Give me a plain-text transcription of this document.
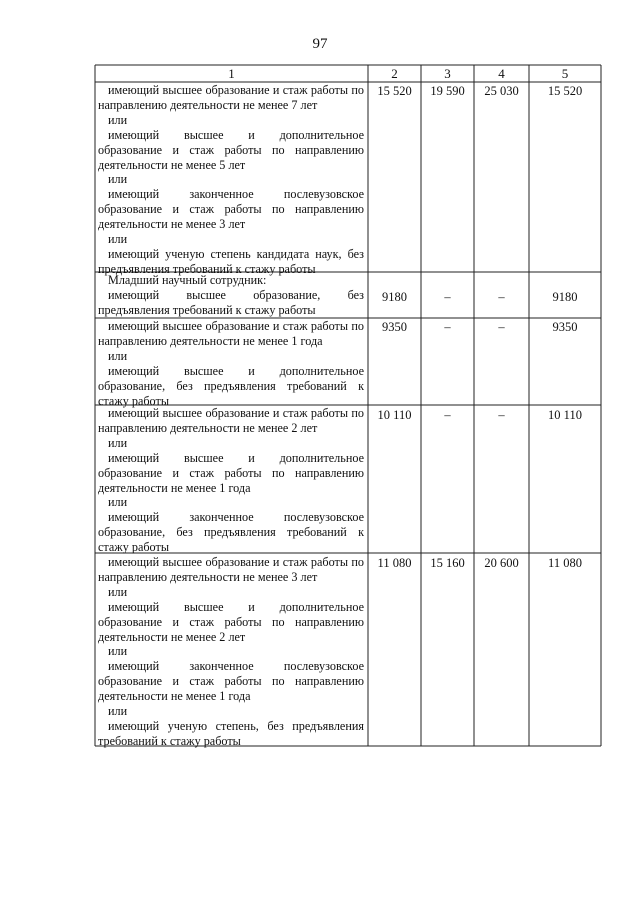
97
1	2	3	4	5

имеющий высшее образование и стаж работы по направлению деятельности не менее 7 лет

или

имеющий высшее и дополнительное образование и стаж работы по направлению деятельности не менее 5 лет

или

имеющий законченное послевузовское образование и стаж работы по направлению деятельности не менее 3 лет

или

имеющий ученую степень кандидата наук, без предъявления требований к стажу работы

15 520	19 590	25 030	15 520

Младший научный сотрудник:

имеющий высшее образование, без предъявления требований к стажу работы

9180	–	–	9180

имеющий высшее образование и стаж работы по направлению деятельности не менее 1 года

или

имеющий высшее и дополнительное образование, без предъявления требований к стажу работы

9350	–	–	9350

имеющий высшее образование и стаж работы по направлению деятельности не менее 2 лет

или

имеющий высшее и дополнительное образование и стаж работы по направлению деятельности не менее 1 года

или

имеющий законченное послевузовское образование, без предъявления требований к стажу работы

10 110	–	–	10 110

имеющий высшее образование и стаж работы по направлению деятельности не менее 3 лет

или

имеющий высшее и дополнительное образование и стаж работы по направлению деятельности не менее 2 лет

или

имеющий законченное послевузовское образование и стаж работы по направлению деятельности не менее 1 года

или

имеющий ученую степень, без предъявления требований к стажу работы

11 080	15 160	20 600	11 080
